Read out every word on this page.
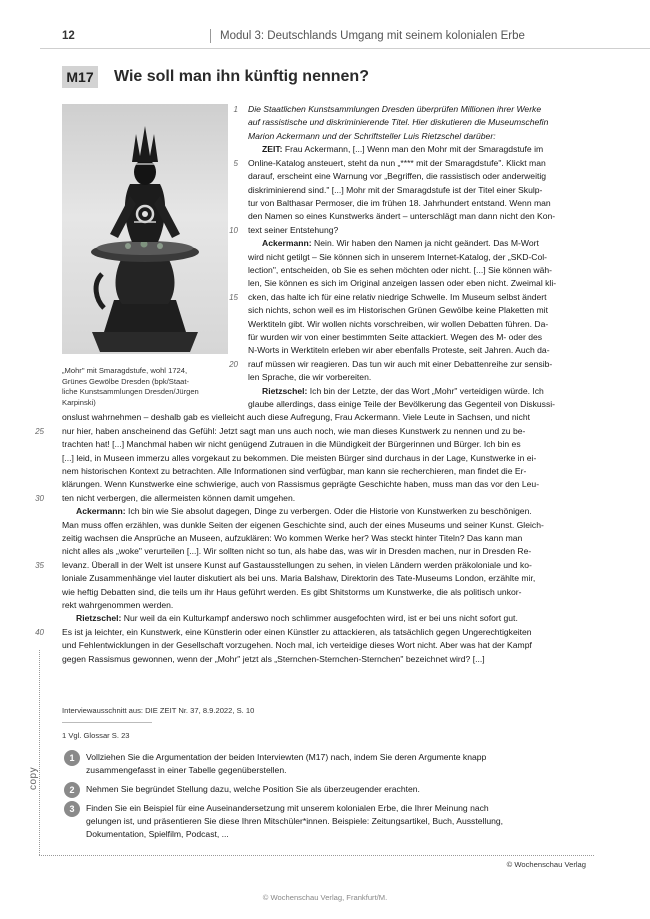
12	Modul 3: Deutschlands Umgang mit seinem kolonialen Erbe
M17 Wie soll man ihn künftig nennen?
„Mohr" mit Smaragdstufe, wohl 1724,
Grünes Gewölbe Dresden (bpk/Staat-
liche Kunstsammlungen Dresden/Jürgen
Karpinski)
1
5
10
15
20
25
30
35
40
Die Staatlichen Kunstsammlungen Dresden überprüfen Millionen ihrer Werke
auf rassistische und diskriminierende Titel. Hier diskutieren die Museumschefin
Marion Ackermann und der Schriftsteller Luis Rietzschel darüber:
ZEIT: Frau Ackermann, [...] Wenn man den Mohr mit der Smaragdstufe im
Online-Katalog ansteuert, steht da nun „**** mit der Smaragdstufe". Klickt man
darauf, erscheint eine Warnung vor „Begriffen, die rassistisch oder anderweitig
diskriminierend sind." [...] Mohr mit der Smaragdstufe ist der Titel einer Skulp-
tur von Balthasar Permoser, die im frühen 18. Jahrhundert entstand. Wenn man
den Namen so eines Kunstwerks ändert – unterschlägt man dann nicht den Kon-
text seiner Entstehung?
Ackermann: Nein. Wir haben den Namen ja nicht geändert. Das M-Wort
wird nicht getilgt – Sie können sich in unserem Internet-Katalog, der „SKD-Col-
lection", entscheiden, ob Sie es sehen möchten oder nicht. [...] Sie können wäh-
len, Sie können es sich im Original anzeigen lassen oder eben nicht. Zweimal kli-
cken, das halte ich für eine relativ niedrige Schwelle. Im Museum selbst ändert
sich nichts, schon weil es im Historischen Grünen Gewölbe keine Plaketten mit
Werktiteln gibt. Wir wollen nichts vorschreiben, wir wollen Debatten führen. Da-
für wurden wir von einer bestimmten Seite attackiert. Wegen des M- oder des
N-Worts in Werktiteln erleben wir aber ebenfalls Proteste, seit Jahren. Auch da-
rauf müssen wir reagieren. Das tun wir auch mit einer Debattenreihe zur sensib-
len Sprache, die wir vorbereiten.
Rietzschel: Ich bin der Letzte, der das Wort „Mohr" verteidigen würde. Ich
glaube allerdings, dass einige Teile der Bevölkerung das Gegenteil von Diskussi-
onslust wahrnehmen – deshalb gab es vielleicht auch diese Aufregung, Frau Ackermann. Viele Leute in Sachsen, und nicht
nur hier, haben anscheinend das Gefühl: Jetzt sagt man uns auch noch, wie man dieses Kunstwerk zu nennen und zu be-
trachten hat! [...] Manchmal haben wir nicht genügend Zutrauen in die Mündigkeit der Bürgerinnen und Bürger. Ich bin es
[...] leid, in Museen immerzu alles vorgekaut zu bekommen. Die meisten Bürger sind durchaus in der Lage, Kunstwerke in ei-
nem historischen Kontext zu betrachten. Alle Informationen sind verfügbar, man kann sie recherchieren, man findet die Er-
klärungen. Wenn Kunstwerke eine schwierige, auch von Rassismus geprägte Geschichte haben, muss man das vor den Leu-
ten nicht verbergen, die allermeisten können damit umgehen.
Ackermann: Ich bin wie Sie absolut dagegen, Dinge zu verbergen. Oder die Historie von Kunstwerken zu beschönigen.
Man muss offen erzählen, was dunkle Seiten der eigenen Geschichte sind, auch der eines Museums und seiner Kunst. Gleich-
zeitig wachsen die Ansprüche an Museen, aufzuklären: Wo kommen Werke her? Was steckt hinter Titeln? Das kann man
nicht alles als „woke" verurteilen [...]. Wir sollten nicht so tun, als habe das, was wir in Dresden machen, nur in Dresden Re-
levanz. Überall in der Welt ist unsere Kunst auf Gastausstellungen zu sehen, in vielen Ländern werden präkoloniale und ko-
loniale Zusammenhänge viel lauter diskutiert als bei uns. Maria Balshaw, Direktorin des Tate-Museums London, erzählte mir,
wie heftig Debatten sind, die teils um ihr Haus geführt werden. Es gibt Shitstorms um Kunstwerke, die als politisch unkor-
rekt wahrgenommen werden.
Rietzschel: Nur weil da ein Kulturkampf anderswo noch schlimmer ausgefochten wird, ist er bei uns nicht sofort gut.
Es ist ja leichter, ein Kunstwerk, eine Künstlerin oder einen Künstler zu attackieren, als tatsächlich gegen Ungerechtigkeiten
und Fehlentwicklungen in der Gesellschaft vorzugehen. Noch mal, ich verteidige dieses Wort nicht. Aber was hat der Kampf
gegen Rassismus gewonnen, wenn der „Mohr" jetzt als „Sternchen-Sternchen-Sternchen" bezeichnet wird? [...]
Interviewausschnitt aus: DIE ZEIT Nr. 37, 8.9.2022, S. 10
1 Vgl. Glossar S. 23
1	Vollziehen Sie die Argumentation der beiden Interviewten (M17) nach, indem Sie deren Argumente knapp
zusammengefasst in einer Tabelle gegenüberstellen.
2	Nehmen Sie begründet Stellung dazu, welche Position Sie als überzeugender erachten.
3	Finden Sie ein Beispiel für eine Auseinandersetzung mit unserem kolonialen Erbe, die Ihrer Meinung nach
gelungen ist, und präsentieren Sie diese Ihren Mitschüler*innen. Beispiele: Zeitungsartikel, Buch, Ausstellung,
Dokumentation, Spielfilm, Podcast, ...
copy
© Wochenschau Verlag
© Wochenschau Verlag, Frankfurt/M.
